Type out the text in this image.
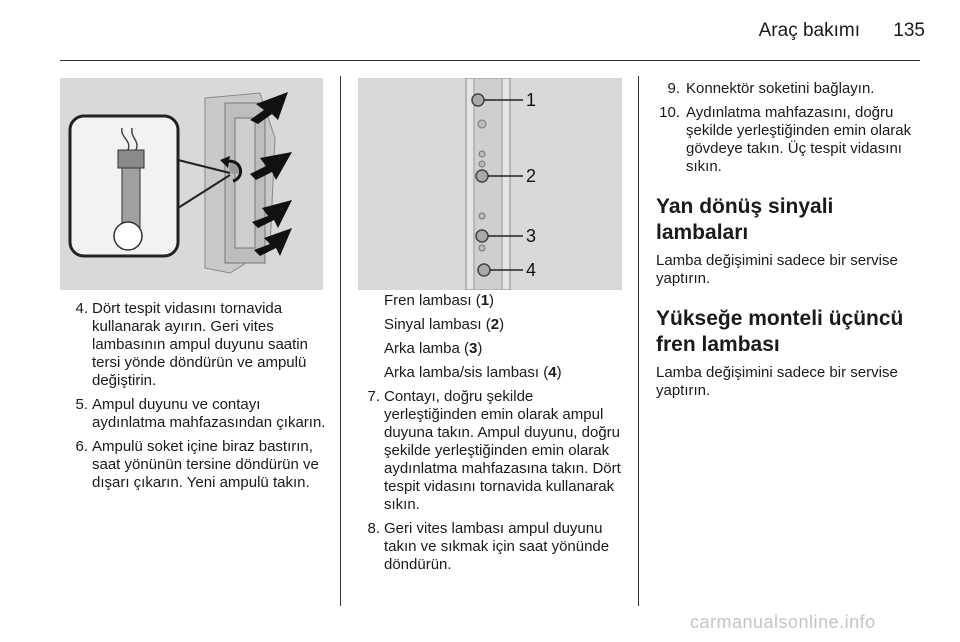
Araç bakımı	135
4. Dört tespit vidasını tornavida kullanarak ayırın. Geri vites lambasının ampul duyunu saatin tersi yönde döndürün ve ampulü değiştirin.
5. Ampul duyunu ve contayı aydınlatma mahfazasından çıkarın.
6. Ampulü soket içine biraz bastırın, saat yönünün tersine döndürün ve dışarı çıkarın. Yeni ampulü takın.
1
2
3
4
Fren lambası (1)
Sinyal lambası (2)
Arka lamba (3)
Arka lamba/sis lambası (4)
7. Contayı, doğru şekilde yerleştiğinden emin olarak ampul duyuna takın. Ampul duyunu, doğru şekilde yerleştiğinden emin olarak aydınlatma mahfazasına takın. Dört tespit vidasını tornavida kullanarak sıkın.
8. Geri vites lambası ampul duyunu takın ve sıkmak için saat yönünde döndürün.
9. Konnektör soketini bağlayın.
10. Aydınlatma mahfazasını, doğru şekilde yerleştiğinden emin olarak gövdeye takın. Üç tespit vidasını sıkın.
Yan dönüş sinyali lambaları
Lamba değişimini sadece bir servise yaptırın.
Yükseğe monteli üçüncü fren lambası
Lamba değişimini sadece bir servise yaptırın.
carmanualsonline.info
